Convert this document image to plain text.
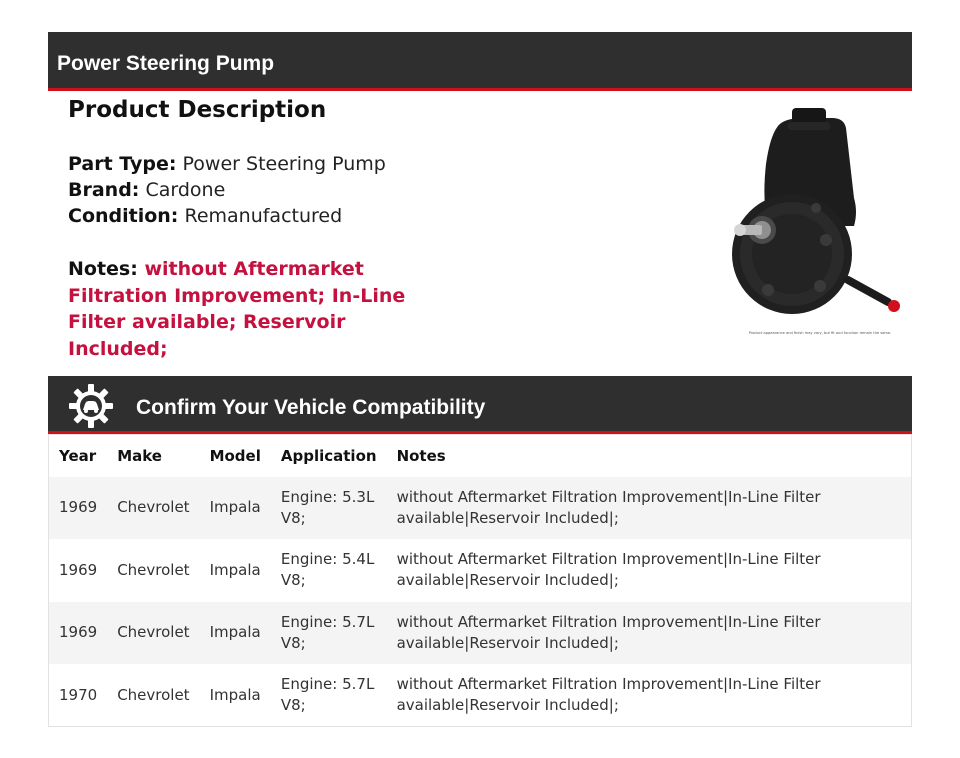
Power Steering Pump
Product Description
Part Type: Power Steering Pump
Brand: Cardone
Condition: Remanufactured
Notes: without Aftermarket Filtration Improvement; In-Line Filter available; Reservoir Included;
Product appearance and finish may vary, but fit and function remain the same.
Confirm Your Vehicle Compatibility
Year	Make	Model	Application	Notes
1969	Chevrolet	Impala	Engine: 5.3L V8;	without Aftermarket Filtration Improvement|In-Line Filter available|Reservoir Included|;
1969	Chevrolet	Impala	Engine: 5.4L V8;	without Aftermarket Filtration Improvement|In-Line Filter available|Reservoir Included|;
1969	Chevrolet	Impala	Engine: 5.7L V8;	without Aftermarket Filtration Improvement|In-Line Filter available|Reservoir Included|;
1970	Chevrolet	Impala	Engine: 5.7L V8;	without Aftermarket Filtration Improvement|In-Line Filter available|Reservoir Included|;
